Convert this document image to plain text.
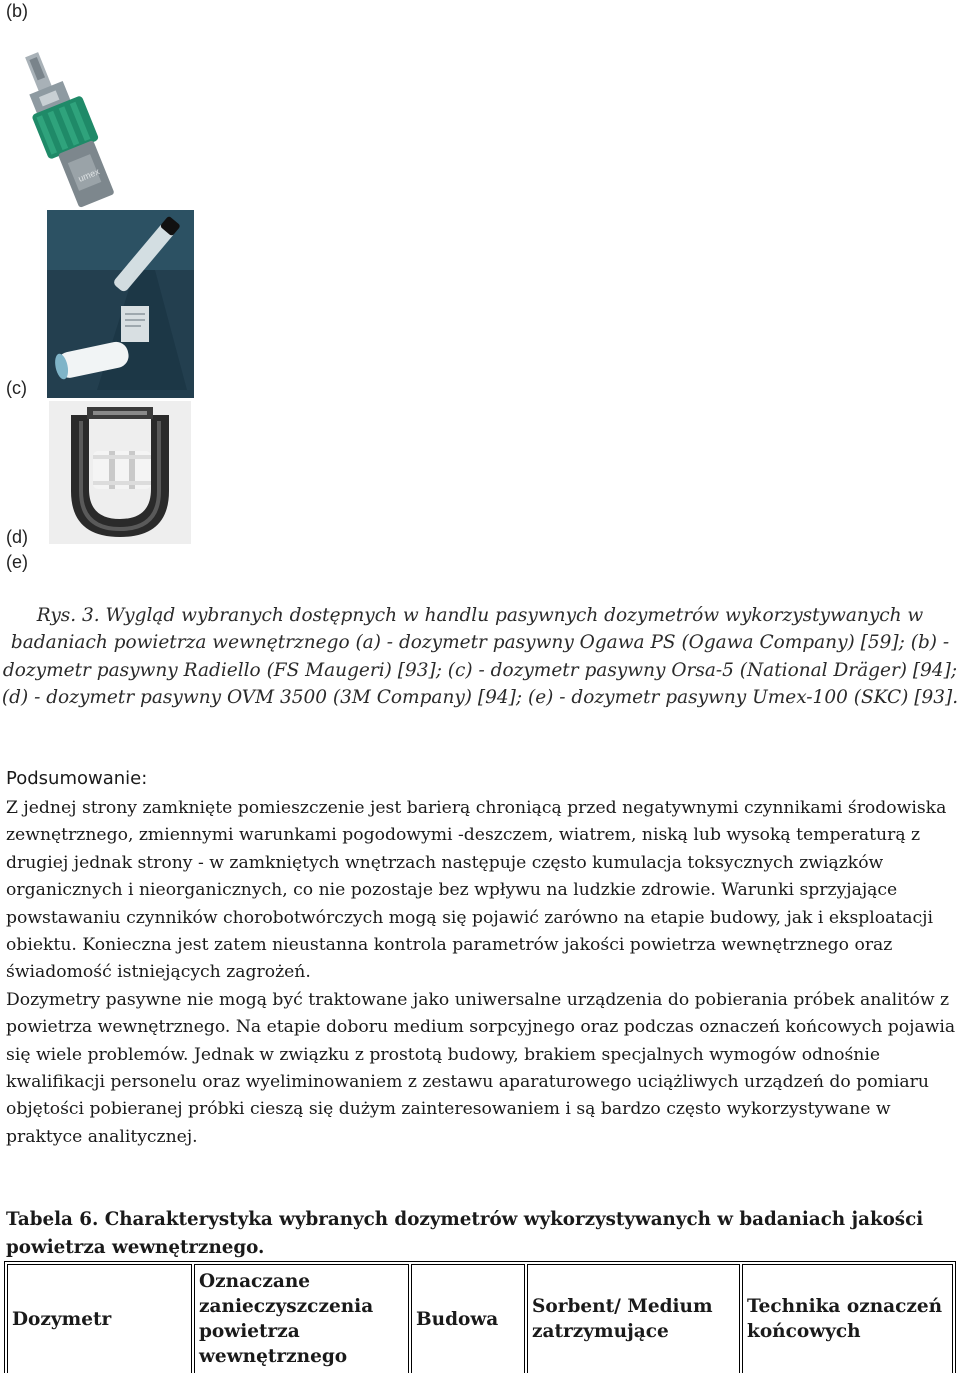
(b)
(c)
(d)
(e)
umex
Rys. 3. Wygląd wybranych dostępnych w handlu pasywnych dozymetrów wykorzystywanych w badaniach powietrza wewnętrznego (a) - dozymetr pasywny Ogawa PS (Ogawa Company) [59]; (b) - dozymetr pasywny Radiello (FS Maugeri) [93]; (c) - dozymetr pasywny Orsa-5 (National Dräger) [94]; (d) - dozymetr pasywny OVM 3500 (3M Company) [94]; (e) - dozymetr pasywny Umex-100 (SKC) [93].
Podsumowanie:

Z jednej strony zamknięte pomieszczenie jest barierą chroniącą przed negatywnymi czynnikami środowiska zewnętrznego, zmiennymi warunkami pogodowymi -deszczem, wiatrem, niską lub wysoką temperaturą z drugiej jednak strony - w zamkniętych wnętrzach następuje często kumulacja toksycznych związków organicznych i nieorganicznych, co nie pozostaje bez wpływu na ludzkie zdrowie. Warunki sprzyjające powstawaniu czynników chorobotwórczych mogą się pojawić zarówno na etapie budowy, jak i eksploatacji obiektu. Konieczna jest zatem nieustanna kontrola parametrów jakości powietrza wewnętrznego oraz świadomość istniejących zagrożeń.

Dozymetry pasywne nie mogą być traktowane jako uniwersalne urządzenia do pobierania próbek analitów z powietrza wewnętrznego. Na etapie doboru medium sorpcyjnego oraz podczas oznaczeń końcowych pojawia się wiele problemów. Jednak w związku z prostotą budowy, brakiem specjalnych wymogów odnośnie kwalifikacji personelu oraz wyeliminowaniem z zestawu aparaturowego uciążliwych urządzeń do pomiaru objętości pobieranej próbki cieszą się dużym zainteresowaniem i są bardzo często wykorzystywane w praktyce analitycznej.

Tabela 6. Charakterystyka wybranych dozymetrów wykorzystywanych w badaniach jakości powietrza wewnętrznego.
Dozymetr	Oznaczane zanieczyszczenia powietrza wewnętrznego	Budowa	Sorbent/ Medium zatrzymujące	Technika oznaczeń końcowych
